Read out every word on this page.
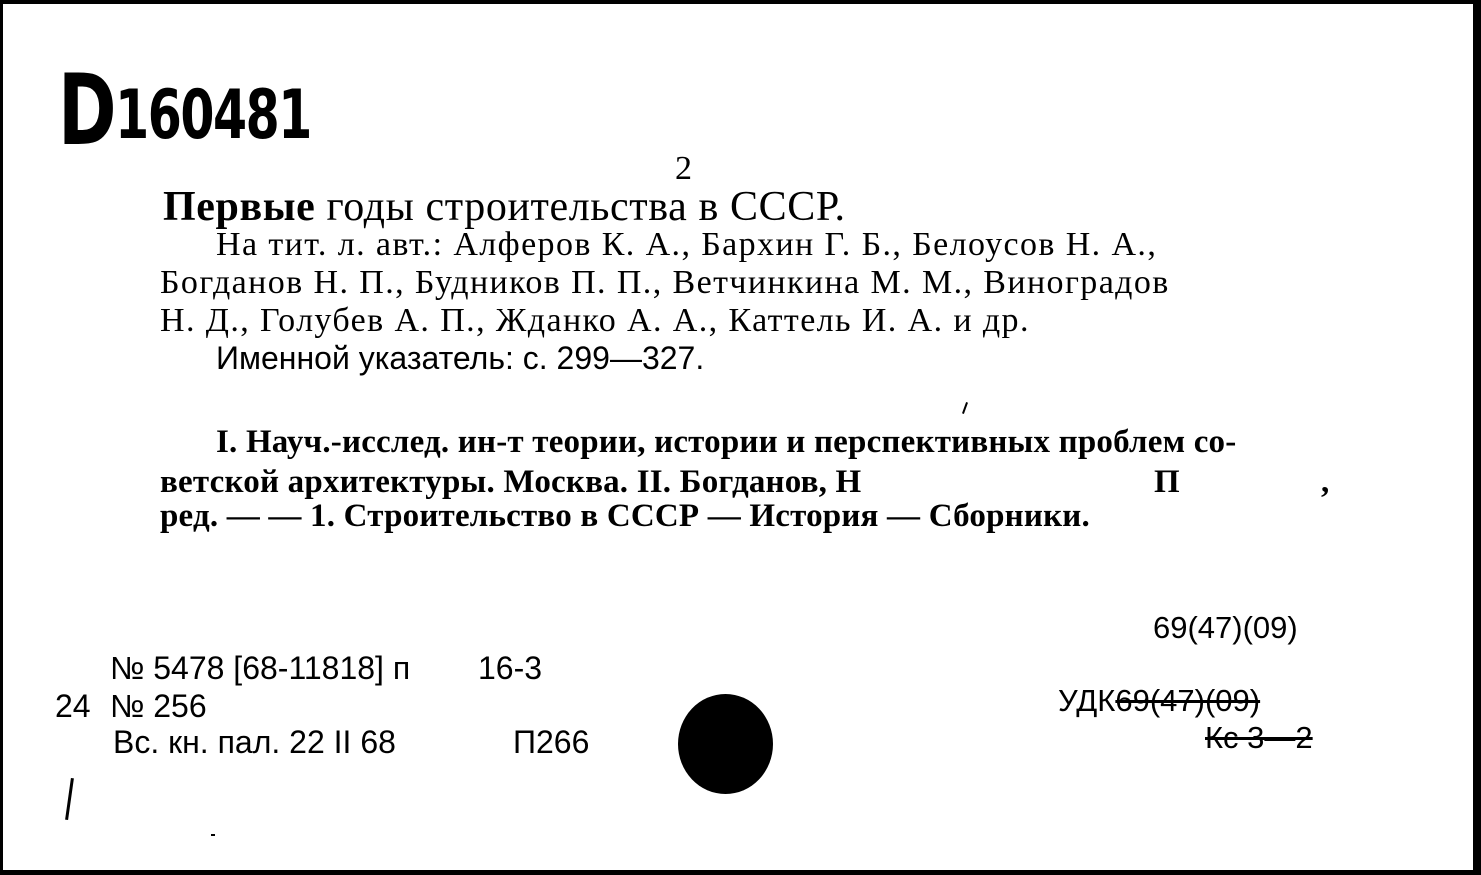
D160481
2
Первые годы строительства в СССР.
На тит. л. авт.: Алферов К. А., Бархин Г. Б., Белоусов Н. А.,
Богданов Н. П., Будников П. П., Ветчинкина М. М., Виноградов
Н. Д., Голубев А. П., Жданко А. А., Каттель И. А. и др.
Именной указатель: с. 299—327.
I. Науч.-исслед. ин-т теории, истории и перспективных проблем со-
ветской архитектуры. Москва. II. Богданов, Н	П	,
ред. — — 1. Строительство в СССР — История — Сборники.
69(47)(09)
№ 5478 [68-11818] п 16-3
24 № 256	УДК69(47)(09)
Вс. кн. пал. 22 II 68	П266	Кс 3—2
